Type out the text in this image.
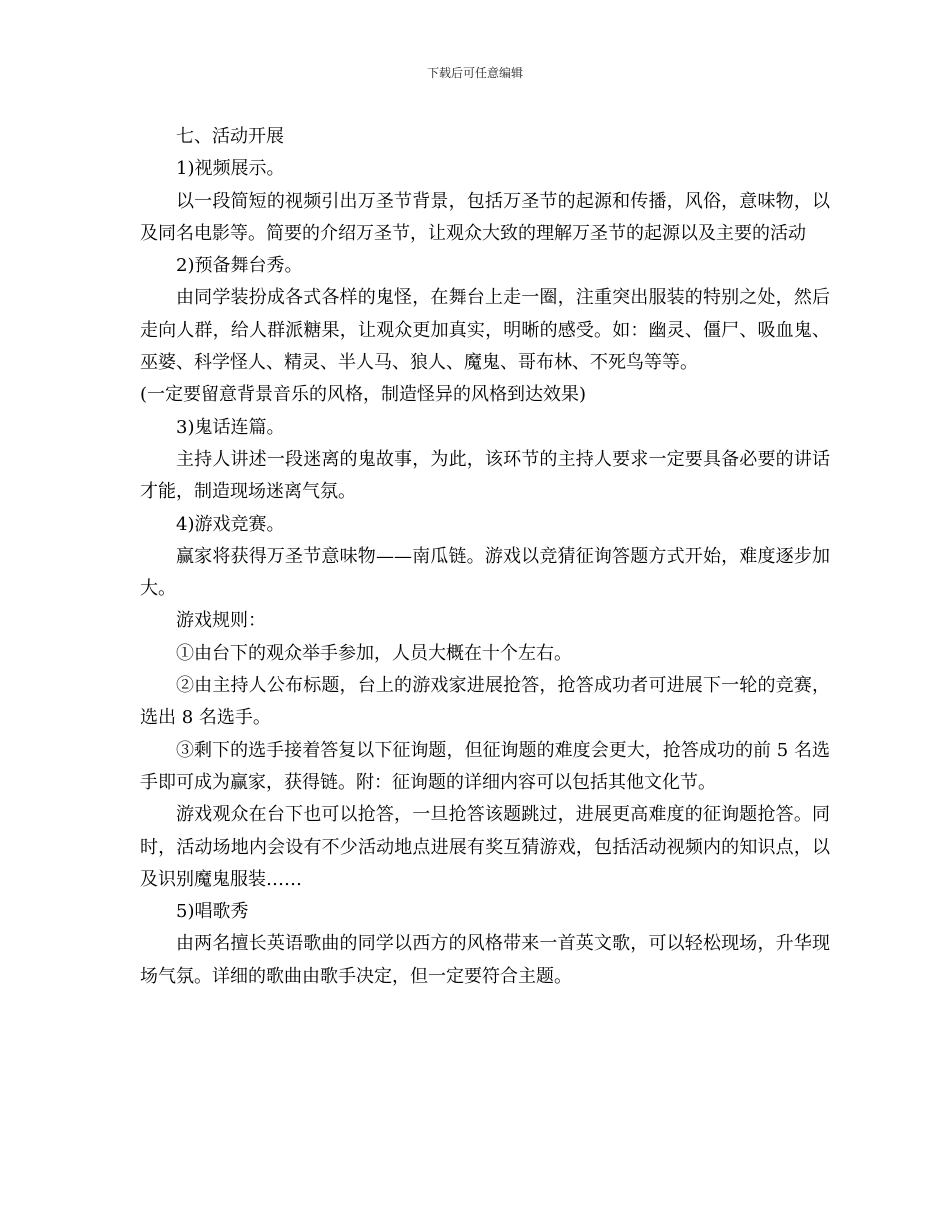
下载后可任意编辑

七、活动开展

1)视频展示。

以一段简短的视频引出万圣节背景，包括万圣节的起源和传播，风俗，意味物，以及同名电影等。简要的介绍万圣节，让观众大致的理解万圣节的起源以及主要的活动

2)预备舞台秀。

由同学装扮成各式各样的鬼怪，在舞台上走一圈，注重突出服装的特别之处，然后走向人群，给人群派糖果，让观众更加真实，明晰的感受。如：幽灵、僵尸、吸血鬼、巫婆、科学怪人、精灵、半人马、狼人、魔鬼、哥布林、不死鸟等等。

(一定要留意背景音乐的风格，制造怪异的风格到达效果)

3)鬼话连篇。

主持人讲述一段迷离的鬼故事，为此，该环节的主持人要求一定要具备必要的讲话才能，制造现场迷离气氛。

4)游戏竞赛。

赢家将获得万圣节意味物——南瓜链。游戏以竞猜征询答题方式开始，难度逐步加大。

游戏规则：

①由台下的观众举手参加，人员大概在十个左右。

②由主持人公布标题，台上的游戏家进展抢答，抢答成功者可进展下一轮的竞赛，选出 8 名选手。

③剩下的选手接着答复以下征询题，但征询题的难度会更大，抢答成功的前 5 名选手即可成为赢家，获得链。附：征询题的详细内容可以包括其他文化节。

游戏观众在台下也可以抢答，一旦抢答该题跳过，进展更高难度的征询题抢答。同时，活动场地内会设有不少活动地点进展有奖互猜游戏，包括活动视频内的知识点，以及识别魔鬼服装……

5)唱歌秀

由两名擅长英语歌曲的同学以西方的风格带来一首英文歌，可以轻松现场，升华现场气氛。详细的歌曲由歌手决定，但一定要符合主题。
